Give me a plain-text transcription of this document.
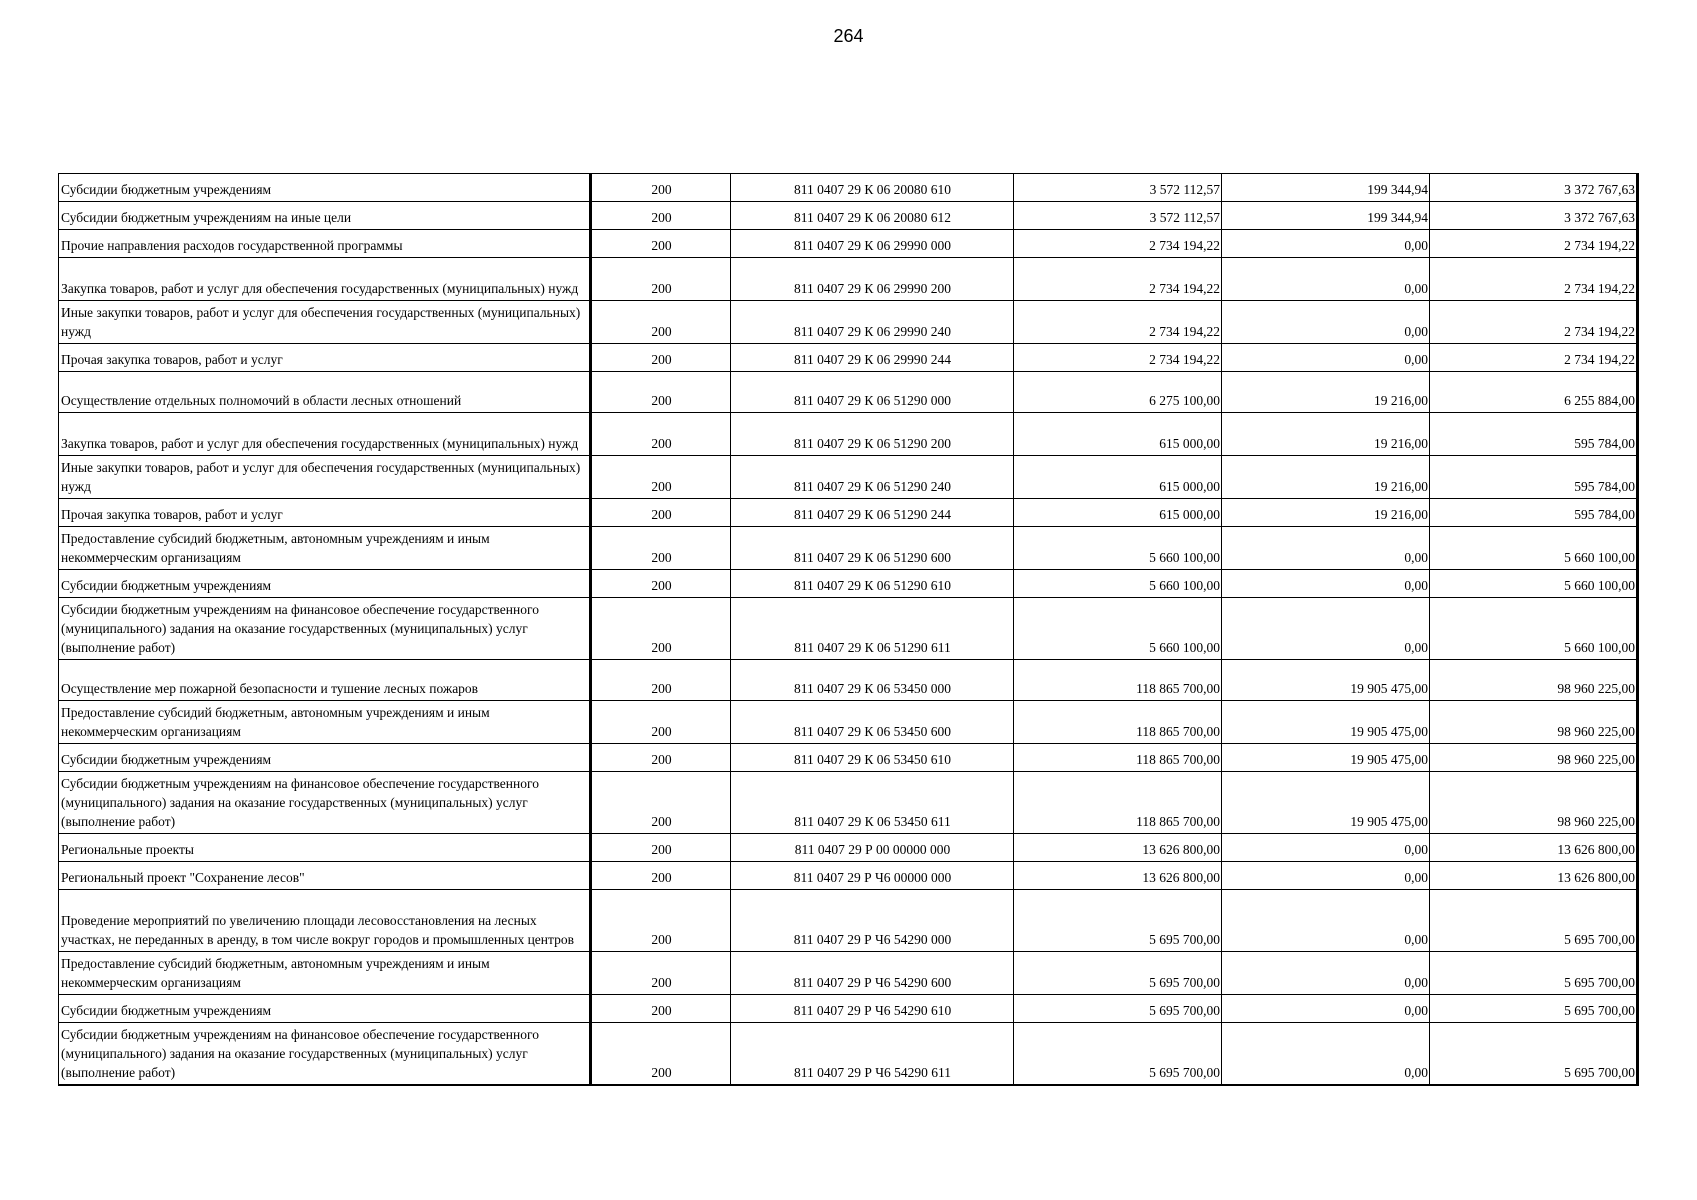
264
Субсидии бюджетным учреждениям	200	811 0407 29 К 06 20080 610	3 572 112,57	199 344,94	3 372 767,63
Субсидии бюджетным учреждениям на иные цели	200	811 0407 29 К 06 20080 612	3 572 112,57	199 344,94	3 372 767,63
Прочие направления расходов государственной программы	200	811 0407 29 К 06 29990 000	2 734 194,22	0,00	2 734 194,22
Закупка товаров, работ и услуг для обеспечения государственных (муниципальных) нужд	200	811 0407 29 К 06 29990 200	2 734 194,22	0,00	2 734 194,22
Иные закупки товаров, работ и услуг для обеспечения государственных (муниципальных) нужд	200	811 0407 29 К 06 29990 240	2 734 194,22	0,00	2 734 194,22
Прочая закупка товаров, работ и услуг	200	811 0407 29 К 06 29990 244	2 734 194,22	0,00	2 734 194,22
Осуществление отдельных полномочий в области лесных отношений	200	811 0407 29 К 06 51290 000	6 275 100,00	19 216,00	6 255 884,00
Закупка товаров, работ и услуг для обеспечения государственных (муниципальных) нужд	200	811 0407 29 К 06 51290 200	615 000,00	19 216,00	595 784,00
Иные закупки товаров, работ и услуг для обеспечения государственных (муниципальных) нужд	200	811 0407 29 К 06 51290 240	615 000,00	19 216,00	595 784,00
Прочая закупка товаров, работ и услуг	200	811 0407 29 К 06 51290 244	615 000,00	19 216,00	595 784,00
Предоставление субсидий бюджетным, автономным учреждениям и иным некоммерческим организациям	200	811 0407 29 К 06 51290 600	5 660 100,00	0,00	5 660 100,00
Субсидии бюджетным учреждениям	200	811 0407 29 К 06 51290 610	5 660 100,00	0,00	5 660 100,00
Субсидии бюджетным учреждениям на финансовое обеспечение государственного (муниципального) задания на оказание государственных (муниципальных) услуг (выполнение работ)	200	811 0407 29 К 06 51290 611	5 660 100,00	0,00	5 660 100,00
Осуществление мер пожарной безопасности и тушение лесных пожаров	200	811 0407 29 К 06 53450 000	118 865 700,00	19 905 475,00	98 960 225,00
Предоставление субсидий бюджетным, автономным учреждениям и иным некоммерческим организациям	200	811 0407 29 К 06 53450 600	118 865 700,00	19 905 475,00	98 960 225,00
Субсидии бюджетным учреждениям	200	811 0407 29 К 06 53450 610	118 865 700,00	19 905 475,00	98 960 225,00
Субсидии бюджетным учреждениям на финансовое обеспечение государственного (муниципального) задания на оказание государственных (муниципальных) услуг (выполнение работ)	200	811 0407 29 К 06 53450 611	118 865 700,00	19 905 475,00	98 960 225,00
Региональные проекты	200	811 0407 29 Р 00 00000 000	13 626 800,00	0,00	13 626 800,00
Региональный проект "Сохранение лесов"	200	811 0407 29 Р Ч6 00000 000	13 626 800,00	0,00	13 626 800,00
Проведение мероприятий по увеличению площади лесовосстановления на лесных участках, не переданных в аренду, в том числе вокруг городов и промышленных центров	200	811 0407 29 Р Ч6 54290 000	5 695 700,00	0,00	5 695 700,00
Предоставление субсидий бюджетным, автономным учреждениям и иным некоммерческим организациям	200	811 0407 29 Р Ч6 54290 600	5 695 700,00	0,00	5 695 700,00
Субсидии бюджетным учреждениям	200	811 0407 29 Р Ч6 54290 610	5 695 700,00	0,00	5 695 700,00
Субсидии бюджетным учреждениям на финансовое обеспечение государственного (муниципального) задания на оказание государственных (муниципальных) услуг (выполнение работ)	200	811 0407 29 Р Ч6 54290 611	5 695 700,00	0,00	5 695 700,00
